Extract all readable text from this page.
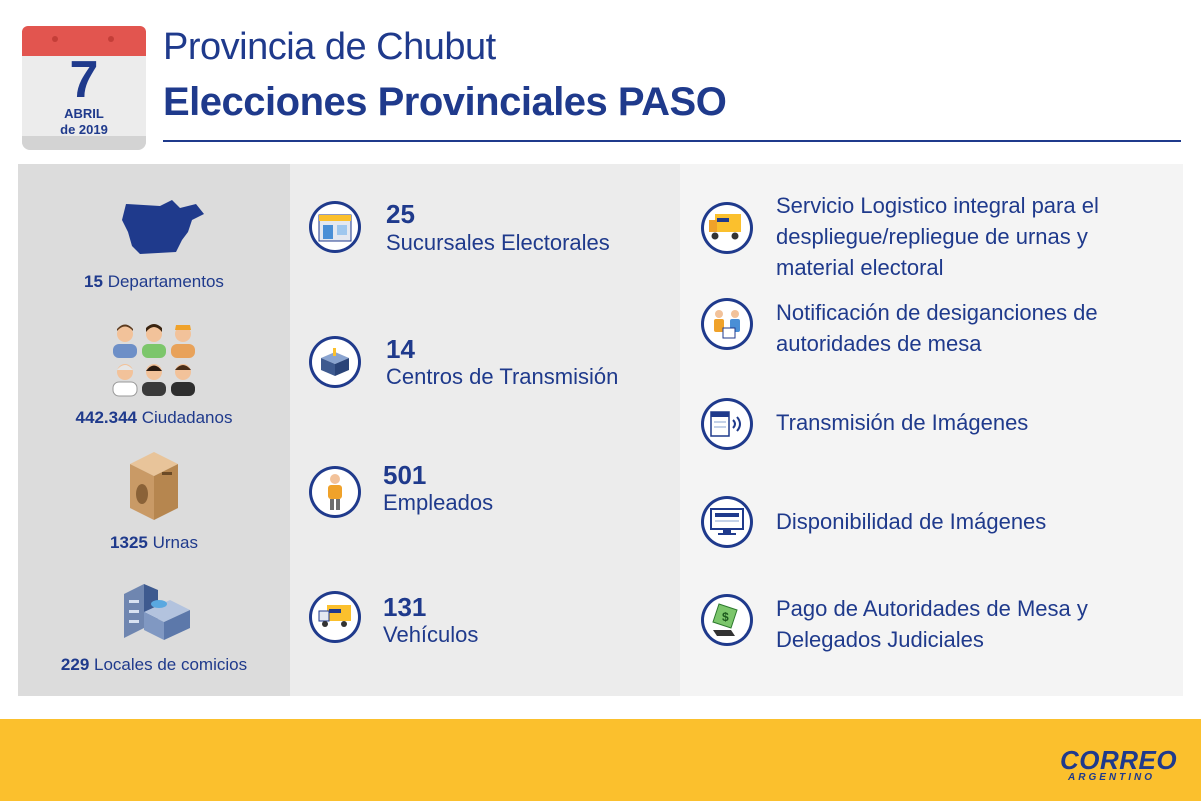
7
ABRIL
de 2019
Provincia de Chubut
Elecciones Provinciales PASO
15 Departamentos
442.344 Ciudadanos
1325 Urnas
229 Locales de comicios
25
Sucursales Electorales
14
Centros de Transmisión
501
Empleados
131
Vehículos
Servicio Logistico integral para el
despliegue/repliegue de urnas y
material electoral
Notificación de desiganciones de
autoridades de mesa
Transmisión de Imágenes
Disponibilidad de Imágenes
$ Pago de Autoridades de Mesa y
Delegados Judiciales
CORREO
ARGENTINO
